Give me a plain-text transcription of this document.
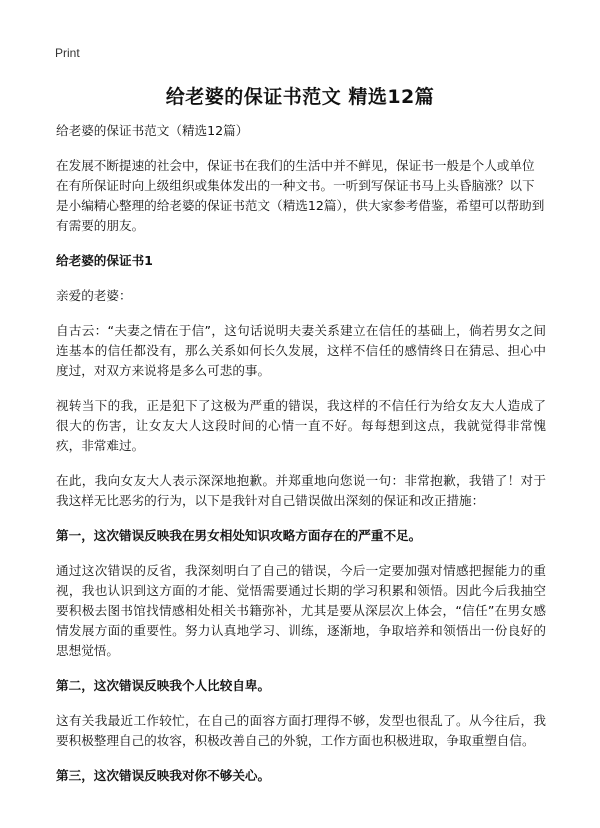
Print
给老婆的保证书范文 精选12篇

给老婆的保证书范文（精选12篇）

在发展不断提速的社会中，保证书在我们的生活中并不鲜见，保证书一般是个人或单位在有所保证时向上级组织或集体发出的一种文书。一听到写保证书马上头昏脑涨？以下是小编精心整理的给老婆的保证书范文（精选12篇），供大家参考借鉴，希望可以帮助到有需要的朋友。

给老婆的保证书1

亲爱的老婆：

自古云：“夫妻之情在于信”，这句话说明夫妻关系建立在信任的基础上，倘若男女之间连基本的信任都没有，那么关系如何长久发展，这样不信任的感情终日在猜忌、担心中度过，对双方来说将是多么可悲的事。

视转当下的我，正是犯下了这极为严重的错误，我这样的不信任行为给女友大人造成了很大的伤害，让女友大人这段时间的心情一直不好。每每想到这点，我就觉得非常愧疚，非常难过。

在此，我向女友大人表示深深地抱歉。并郑重地向您说一句：非常抱歉，我错了！对于我这样无比恶劣的行为，以下是我针对自己错误做出深刻的保证和改正措施：

第一，这次错误反映我在男女相处知识攻略方面存在的严重不足。

通过这次错误的反省，我深刻明白了自己的错误，今后一定要加强对情感把握能力的重视，我也认识到这方面的才能、觉悟需要通过长期的学习积累和领悟。因此今后我抽空要积极去图书馆找情感相处相关书籍弥补，尤其是要从深层次上体会，“信任”在男女感情发展方面的重要性。努力认真地学习、训练，逐渐地，争取培养和领悟出一份良好的思想觉悟。

第二，这次错误反映我个人比较自卑。

这有关我最近工作较忙，在自己的面容方面打理得不够，发型也很乱了。从今往后，我要积极整理自己的妆容，积极改善自己的外貌，工作方面也积极进取，争取重塑自信。

第三，这次错误反映我对你不够关心。
